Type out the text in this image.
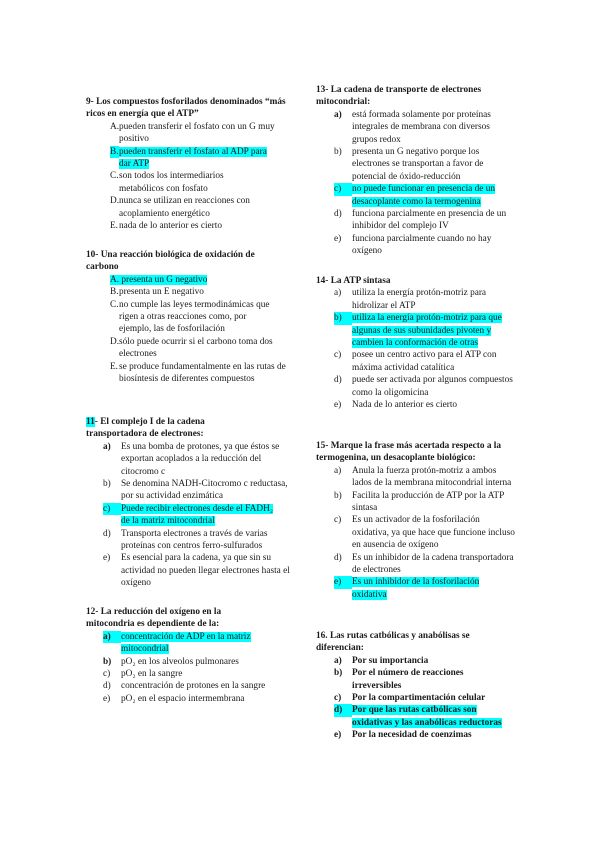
9- Los compuestos fosforilados denominados “más ricos en energía que el ATP”
A. pueden transferir el fosfato con un G muy positivo
B. pueden transferir el fosfato al ADP para dar ATP
C. son todos los intermediarios metabólicos con fosfato
D. nunca se utilizan en reacciones con acoplamiento energético
E. nada de lo anterior es cierto
10- Una reacción biológica de oxidación de carbono
A. presenta un G negativo
B. presenta un E negativo
C. no cumple las leyes termodinámicas que rigen a otras reacciones como, por ejemplo, las de fosforilación
D. sólo puede ocurrir si el carbono toma dos electrones
E. se produce fundamentalmente en las rutas de biosíntesis de diferentes compuestos
11- El complejo I de la cadena transportadora de electrones:
a)	Es una bomba de protones, ya que éstos se exportan acoplados a la reducción del citocromo c
b)	Se denomina NADH-Citocromo c reductasa, por su actividad enzimática
c)	Puede recibir electrones desde el FADH₂ de la matriz mitocondrial
d)	Transporta electrones a través de varias proteínas con centros ferro-sulfurados
e)	Es esencial para la cadena, ya que sin su actividad no pueden llegar electrones hasta el oxígeno
12- La reducción del oxígeno en la mitocondria es dependiente de la:
a)	concentración de ADP en la matriz mitocondrial
b)	pO₂ en los alveolos pulmonares
c)	pO₂ en la sangre
d)	concentración de protones en la sangre
e)	pO₂ en el espacio intermembrana
13- La cadena de transporte de electrones mitocondrial:
a)	está formada solamente por proteínas integrales de membrana con diversos grupos redox
b)	presenta un G negativo porque los electrones se transportan a favor de potencial de óxido-reducción
c)	no puede funcionar en presencia de un desacoplante como la termogenina
d)	funciona parcialmente en presencia de un inhibidor del complejo IV
e)	funciona parcialmente cuando no hay oxígeno
14- La ATP sintasa
a)	utiliza la energía protón-motriz para hidrolizar el ATP
b)	utiliza la energía protón-motriz para que algunas de sus subunidades pivoten y cambien la conformación de otras
c)	posee un centro activo para el ATP con máxima actividad catalítica
d)	puede ser activada por algunos compuestos como la oligomicina
e)	Nada de lo anterior es cierto
15- Marque la frase más acertada respecto a la termogenina, un desacoplante biológico:
a)	Anula la fuerza protón-motriz a ambos lados de la membrana mitocondrial interna
b)	Facilita la producción de ATP por la ATP sintasa
c)	Es un activador de la fosforilación oxidativa, ya que hace que funcione incluso en ausencia de oxígeno
d)	Es un inhibidor de la cadena transportadora de electrones
e)	Es un inhibidor de la fosforilación oxidativa
16. Las rutas catbólicas y anabólisas se diferencian:
a)	Por su importancia
b)	Por el número de reacciones irreversibles
c)	Por la compartimentación celular
d)	Por que las rutas catbólicas son oxidativas y las anabólicas reductoras
e)	Por la necesidad de coenzimas
